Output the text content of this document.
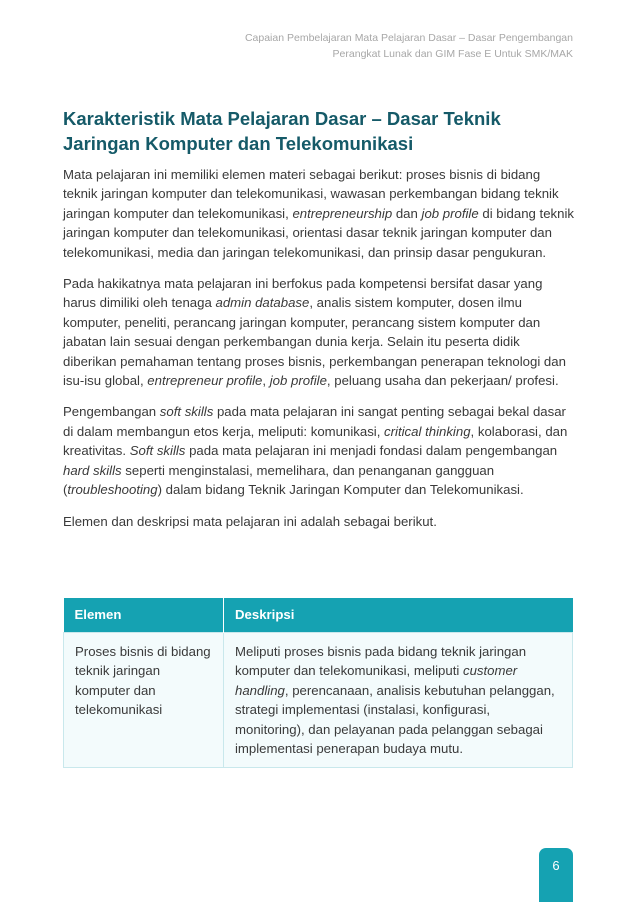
Capaian Pembelajaran Mata Pelajaran Dasar – Dasar Pengembangan
Perangkat Lunak dan GIM Fase E Untuk SMK/MAK
Karakteristik Mata Pelajaran Dasar – Dasar Teknik Jaringan Komputer dan Telekomunikasi

Mata pelajaran ini memiliki elemen materi sebagai berikut: proses bisnis di bidang teknik jaringan komputer dan telekomunikasi, wawasan perkembangan bidang teknik jaringan komputer dan telekomunikasi, entrepreneurship dan job profile di bidang teknik jaringan komputer dan telekomunikasi, orientasi dasar teknik jaringan komputer dan telekomunikasi, media dan jaringan telekomunikasi, dan prinsip dasar pengukuran.

Pada hakikatnya mata pelajaran ini berfokus pada kompetensi bersifat dasar yang harus dimiliki oleh tenaga admin database, analis sistem komputer, dosen ilmu komputer, peneliti, perancang jaringan komputer, perancang sistem komputer dan jabatan lain sesuai dengan perkembangan dunia kerja. Selain itu peserta didik diberikan pemahaman tentang proses bisnis, perkembangan penerapan teknologi dan isu-isu global, entrepreneur profile, job profile, peluang usaha dan pekerjaan/ profesi.

Pengembangan soft skills pada mata pelajaran ini sangat penting sebagai bekal dasar di dalam membangun etos kerja, meliputi: komunikasi, critical thinking, kolaborasi, dan kreativitas. Soft skills pada mata pelajaran ini menjadi fondasi dalam pengembangan hard skills seperti menginstalasi, memelihara, dan penanganan gangguan (troubleshooting) dalam bidang Teknik Jaringan Komputer dan Telekomunikasi.

Elemen dan deskripsi mata pelajaran ini adalah sebagai berikut.

Elemen	Deskripsi
Proses bisnis di bidang teknik jaringan komputer dan telekomunikasi	Meliputi proses bisnis pada bidang teknik jaringan komputer dan telekomunikasi, meliputi customer handling, perencanaan, analisis kebutuhan pelanggan, strategi implementasi (instalasi, konfigurasi, monitoring), dan pelayanan pada pelanggan sebagai implementasi penerapan budaya mutu.
6
